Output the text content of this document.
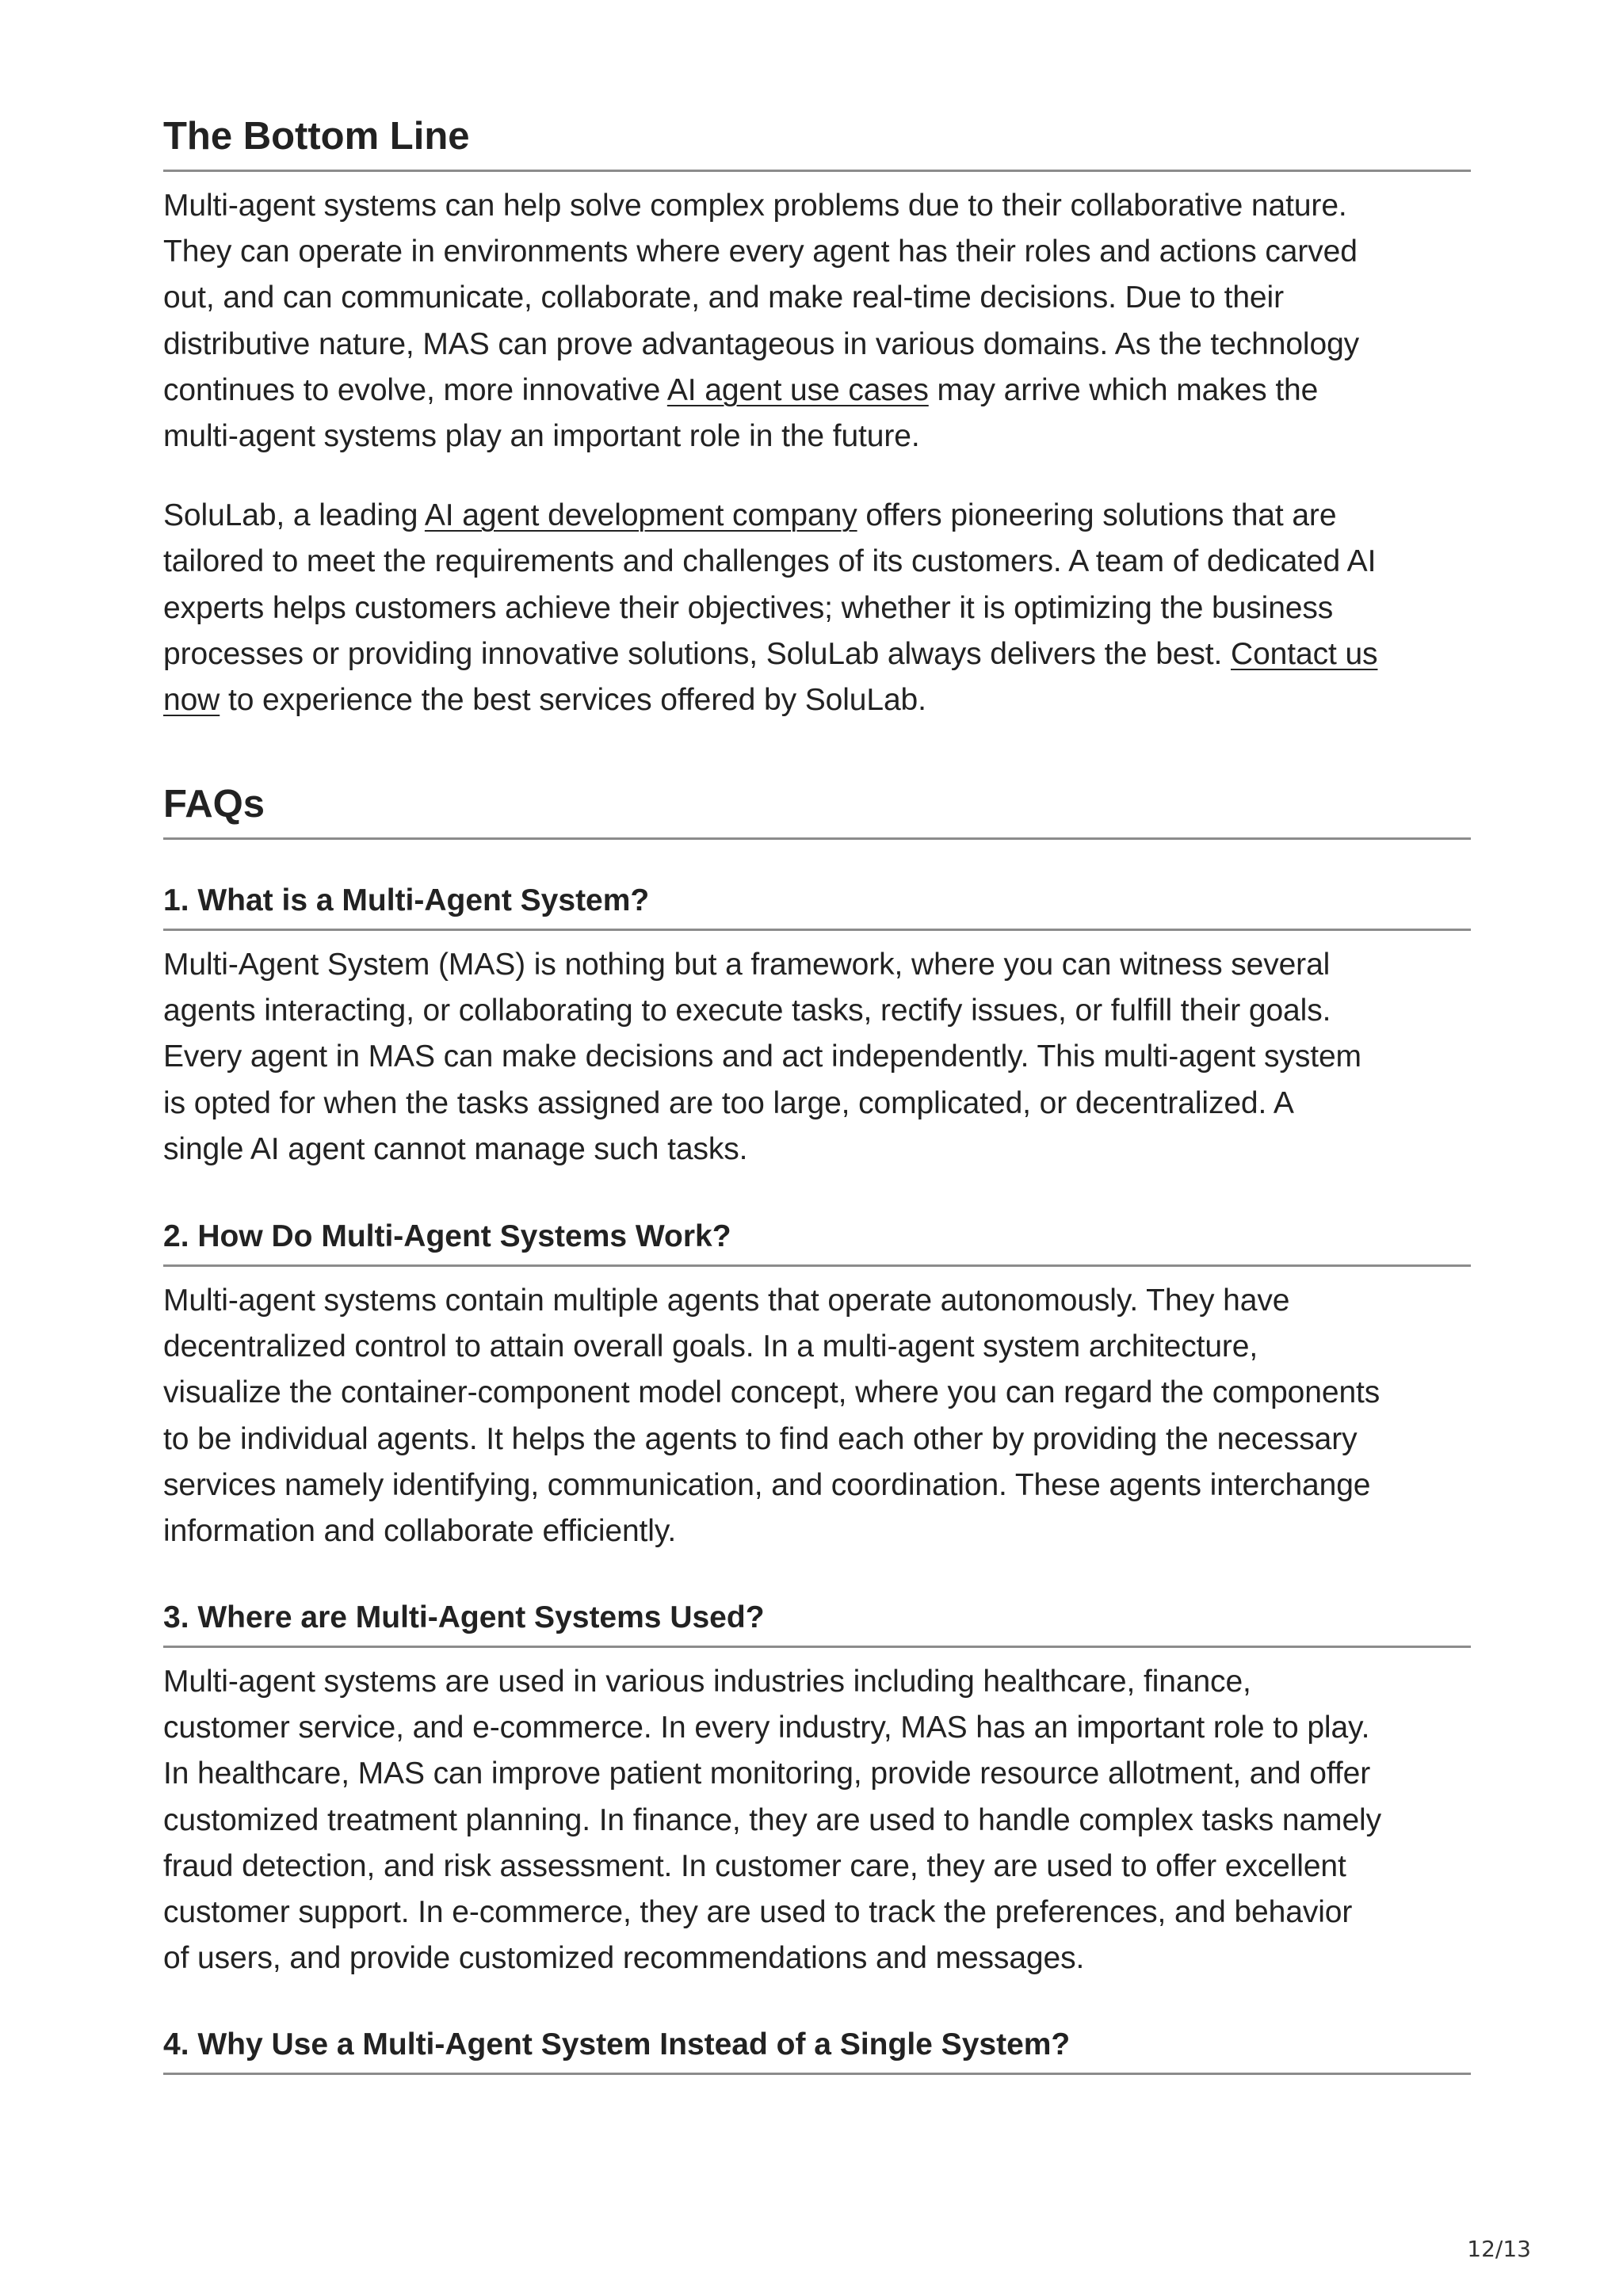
The Bottom Line

Multi-agent systems can help solve complex problems due to their collaborative nature.
They can operate in environments where every agent has their roles and actions carved
out, and can communicate, collaborate, and make real-time decisions. Due to their
distributive nature, MAS can prove advantageous in various domains. As the technology
continues to evolve, more innovative AI agent use cases may arrive which makes the
multi-agent systems play an important role in the future.

SoluLab, a leading AI agent development company offers pioneering solutions that are
tailored to meet the requirements and challenges of its customers. A team of dedicated AI
experts helps customers achieve their objectives; whether it is optimizing the business
processes or providing innovative solutions, SoluLab always delivers the best. Contact us
now to experience the best services offered by SoluLab.

FAQs
1. What is a Multi-Agent System?

Multi-Agent System (MAS) is nothing but a framework, where you can witness several
agents interacting, or collaborating to execute tasks, rectify issues, or fulfill their goals.
Every agent in MAS can make decisions and act independently. This multi-agent system
is opted for when the tasks assigned are too large, complicated, or decentralized. A
single AI agent cannot manage such tasks.

2. How Do Multi-Agent Systems Work?

Multi-agent systems contain multiple agents that operate autonomously. They have
decentralized control to attain overall goals. In a multi-agent system architecture,
visualize the container-component model concept, where you can regard the components
to be individual agents. It helps the agents to find each other by providing the necessary
services namely identifying, communication, and coordination. These agents interchange
information and collaborate efficiently.

3. Where are Multi-Agent Systems Used?

Multi-agent systems are used in various industries including healthcare, finance,
customer service, and e-commerce. In every industry, MAS has an important role to play.
In healthcare, MAS can improve patient monitoring, provide resource allotment, and offer
customized treatment planning. In finance, they are used to handle complex tasks namely
fraud detection, and risk assessment. In customer care, they are used to offer excellent
customer support. In e-commerce, they are used to track the preferences, and behavior
of users, and provide customized recommendations and messages.

4. Why Use a Multi-Agent System Instead of a Single System?
12/13
